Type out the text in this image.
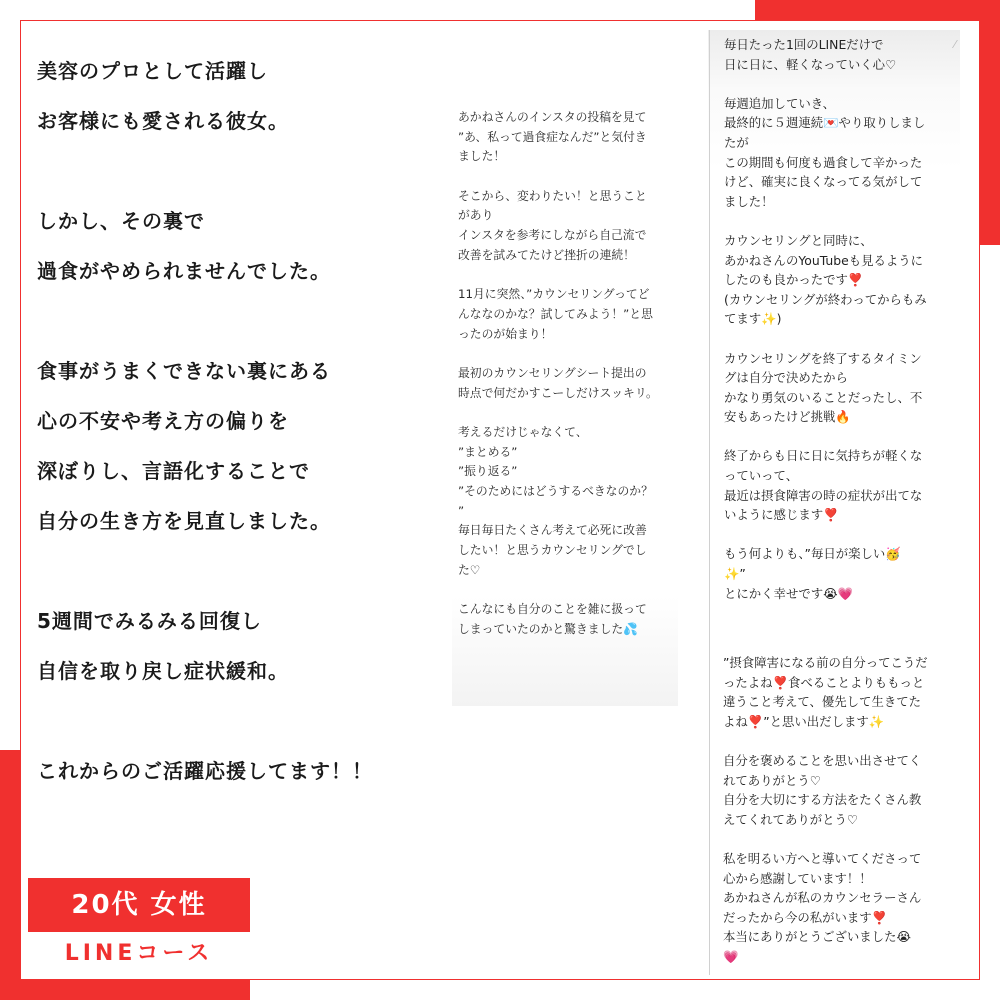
美容のプロとして活躍し
お客様にも愛される彼女。
しかし、その裏で
過食がやめられませんでした。
食事がうまくできない裏にある
心の不安や考え方の偏りを
深ぼりし、言語化することで
自分の生き方を見直しました。
5週間でみるみる回復し
自信を取り戻し症状緩和。
これからのご活躍応援してます！！
あかねさんのインスタの投稿を見て
”あ、私って過食症なんだ”と気付き
ました！
そこから、変わりたい！と思うこと
があり
インスタを参考にしながら自己流で
改善を試みてたけど挫折の連続！
11月に突然、”カウンセリングってど
んななのかな？試してみよう！”と思
ったのが始まり！
最初のカウンセリングシート提出の
時点で何だかすこーしだけスッキリ。
考えるだけじゃなくて、
”まとめる”
”振り返る”
”そのためにはどうするべきなのか？
”
毎日毎日たくさん考えて必死に改善
したい！と思うカウンセリングでし
た♡
こんなにも自分のことを雑に扱って
しまっていたのかと驚きました💦
毎日たった1回のLINEだけで
日に日に、軽くなっていく心♡
毎週追加していき、
最終的に５週連続💌やり取りしまし
たが
この期間も何度も過食して辛かった
けど、確実に良くなってる気がして
ました！
カウンセリングと同時に、
あかねさんのYouTubeも見るように
したのも良かったです❣️
(カウンセリングが終わってからもみ
てます✨)
カウンセリングを終了するタイミン
グは自分で決めたから
かなり勇気のいることだったし、不
安もあったけど挑戦🔥
終了からも日に日に気持ちが軽くな
っていって、
最近は摂食障害の時の症状が出てな
いように感じます❣️
もう何よりも、”毎日が楽しい🥳
✨”
とにかく幸せです😭💗
”摂食障害になる前の自分ってこうだ
ったよね❣️食べることよりももっと
違うこと考えて、優先して生きてた
よね❣️”と思い出だします✨
自分を褒めることを思い出させてく
れてありがとう♡
自分を大切にする方法をたくさん教
えてくれてありがとう♡
私を明るい方へと導いてくださって
心から感謝しています！！
あかねさんが私のカウンセラーさん
だったから今の私がいます❣️
本当にありがとうございました😭
💗
⁄
20代 女性
LINEコース
